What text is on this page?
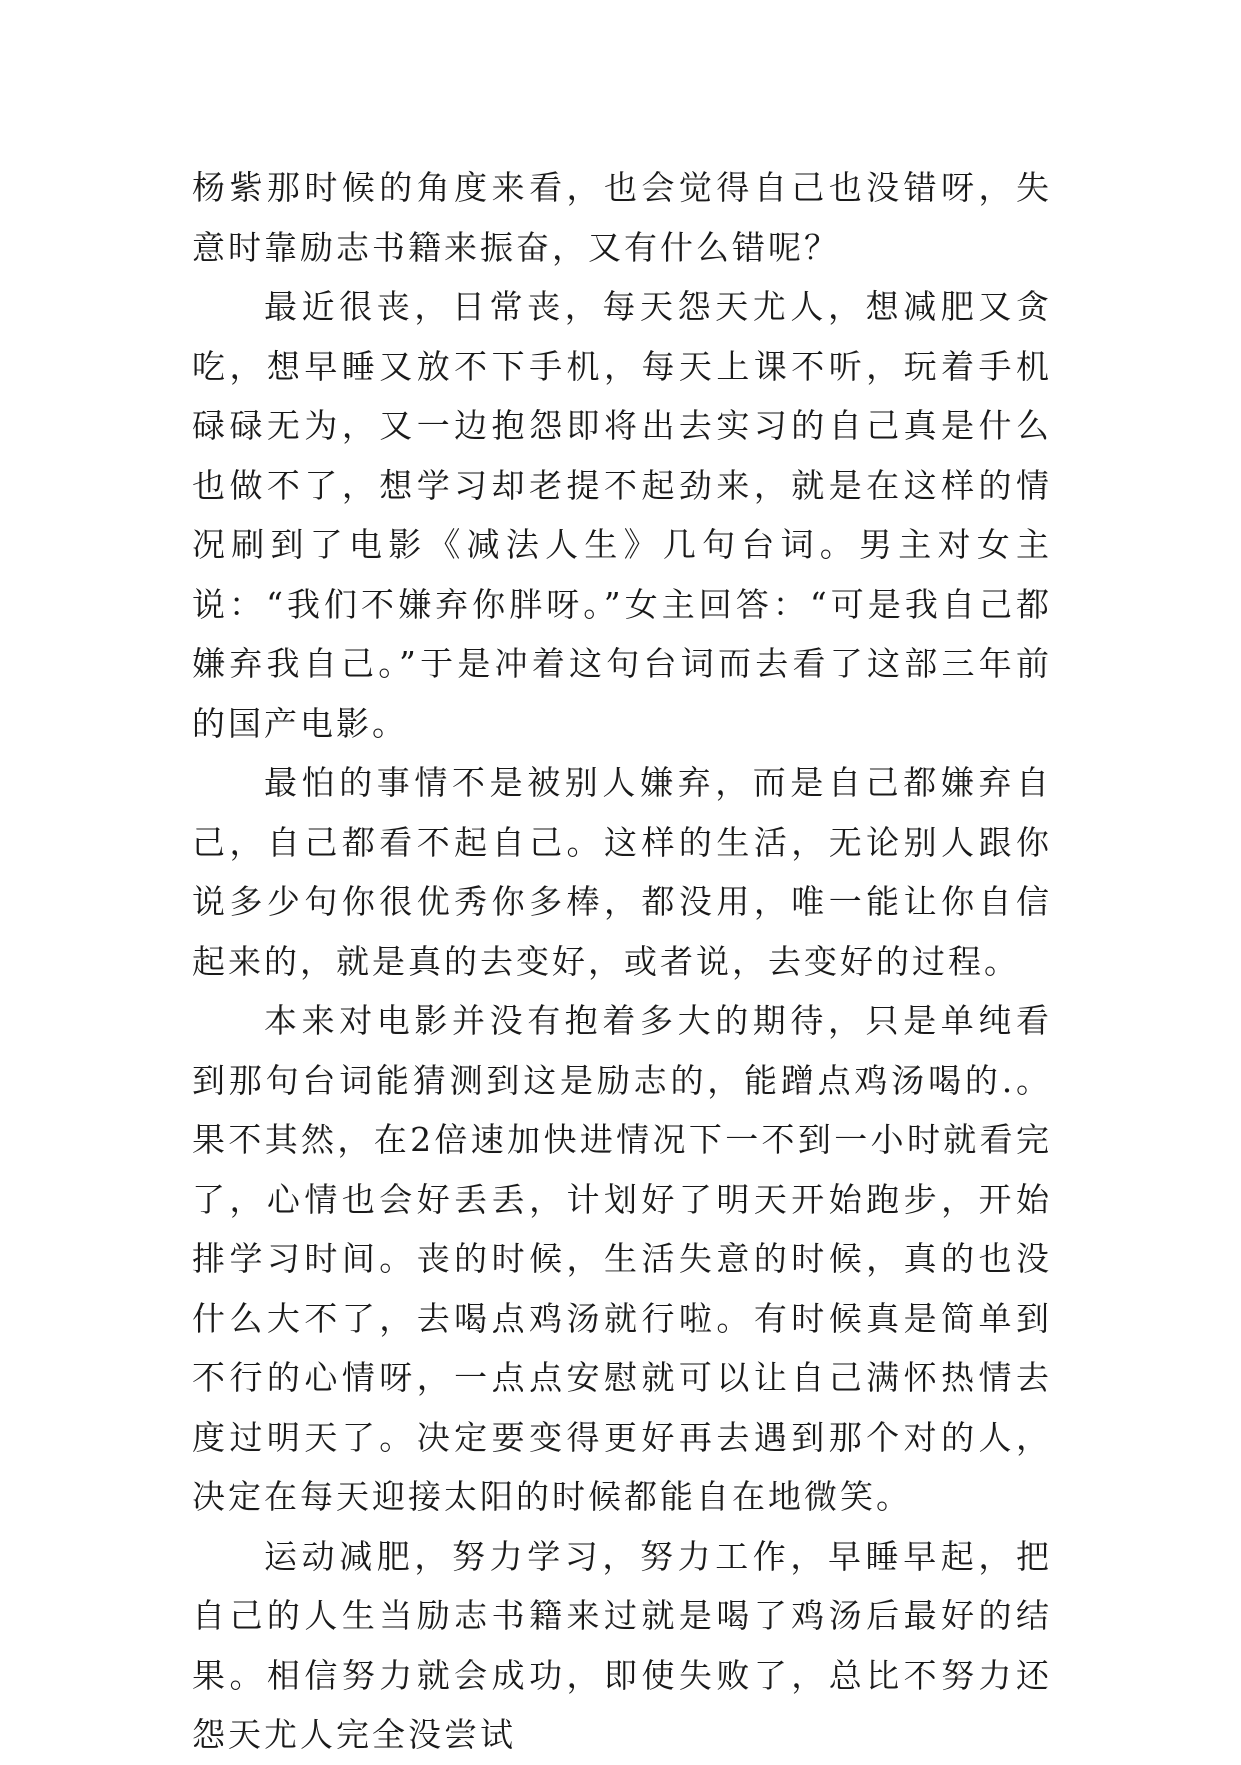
杨紫那时候的角度来看，也会觉得自己也没错呀，失意时靠励志书籍来振奋，又有什么错呢？

最近很丧，日常丧，每天怨天尤人，想减肥又贪吃，想早睡又放不下手机，每天上课不听，玩着手机碌碌无为，又一边抱怨即将出去实习的自己真是什么也做不了，想学习却老提不起劲来，就是在这样的情况刷到了电影《减法人生》几句台词。男主对女主说：“我们不嫌弃你胖呀。”女主回答：“可是我自己都嫌弃我自己。”于是冲着这句台词而去看了这部三年前的国产电影。

最怕的事情不是被别人嫌弃，而是自己都嫌弃自己，自己都看不起自己。这样的生活，无论别人跟你说多少句你很优秀你多棒，都没用，唯一能让你自信起来的，就是真的去变好，或者说，去变好的过程。

本来对电影并没有抱着多大的期待，只是单纯看到那句台词能猜测到这是励志的，能蹭点鸡汤喝的.。果不其然，在2倍速加快进情况下一不到一小时就看完了，心情也会好丢丢，计划好了明天开始跑步，开始排学习时间。丧的时候，生活失意的时候，真的也没什么大不了，去喝点鸡汤就行啦。有时候真是简单到不行的心情呀，一点点安慰就可以让自己满怀热情去度过明天了。决定要变得更好再去遇到那个对的人，决定在每天迎接太阳的时候都能自在地微笑。

运动减肥，努力学习，努力工作，早睡早起，把自己的人生当励志书籍来过就是喝了鸡汤后最好的结果。相信努力就会成功，即使失败了，总比不努力还怨天尤人完全没尝试
